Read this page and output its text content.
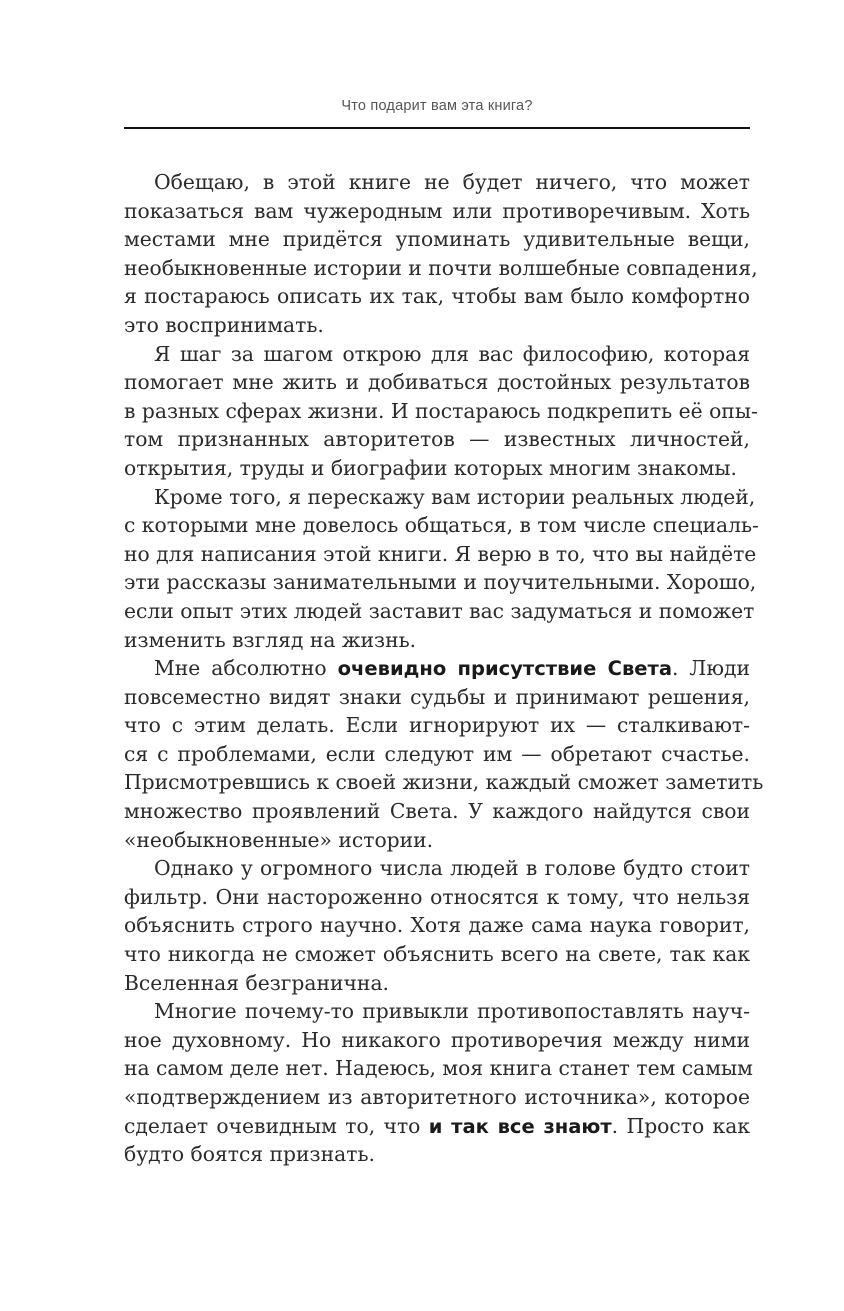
Что подарит вам эта книга?
Обещаю, в этой книге не будет ничего, что может
показаться вам чужеродным или противоречивым. Хоть
местами мне придётся упоминать удивительные вещи,
необыкновенные истории и почти волшебные совпадения,
я постараюсь описать их так, чтобы вам было комфортно
это воспринимать.
Я шаг за шагом открою для вас философию, которая
помогает мне жить и добиваться достойных результатов
в разных сферах жизни. И постараюсь подкрепить её опы-
том признанных авторитетов — известных личностей,
открытия, труды и биографии которых многим знакомы.
Кроме того, я перескажу вам истории реальных людей,
с которыми мне довелось общаться, в том числе специаль-
но для написания этой книги. Я верю в то, что вы найдёте
эти рассказы занимательными и поучительными. Хорошо,
если опыт этих людей заставит вас задуматься и поможет
изменить взгляд на жизнь.
Мне абсолютно очевидно присутствие Света. Люди
повсеместно видят знаки судьбы и принимают решения,
что с этим делать. Если игнорируют их — сталкивают-
ся с проблемами, если следуют им — обретают счастье.
Присмотревшись к своей жизни, каждый сможет заметить
множество проявлений Света. У каждого найдутся свои
«необыкновенные» истории.
Однако у огромного числа людей в голове будто стоит
фильтр. Они настороженно относятся к тому, что нельзя
объяснить строго научно. Хотя даже сама наука говорит,
что никогда не сможет объяснить всего на свете, так как
Вселенная безгранична.
Многие почему-то привыкли противопоставлять науч-
ное духовному. Но никакого противоречия между ними
на самом деле нет. Надеюсь, моя книга станет тем самым
«подтверждением из авторитетного источника», которое
сделает очевидным то, что и так все знают. Просто как
будто боятся признать.
